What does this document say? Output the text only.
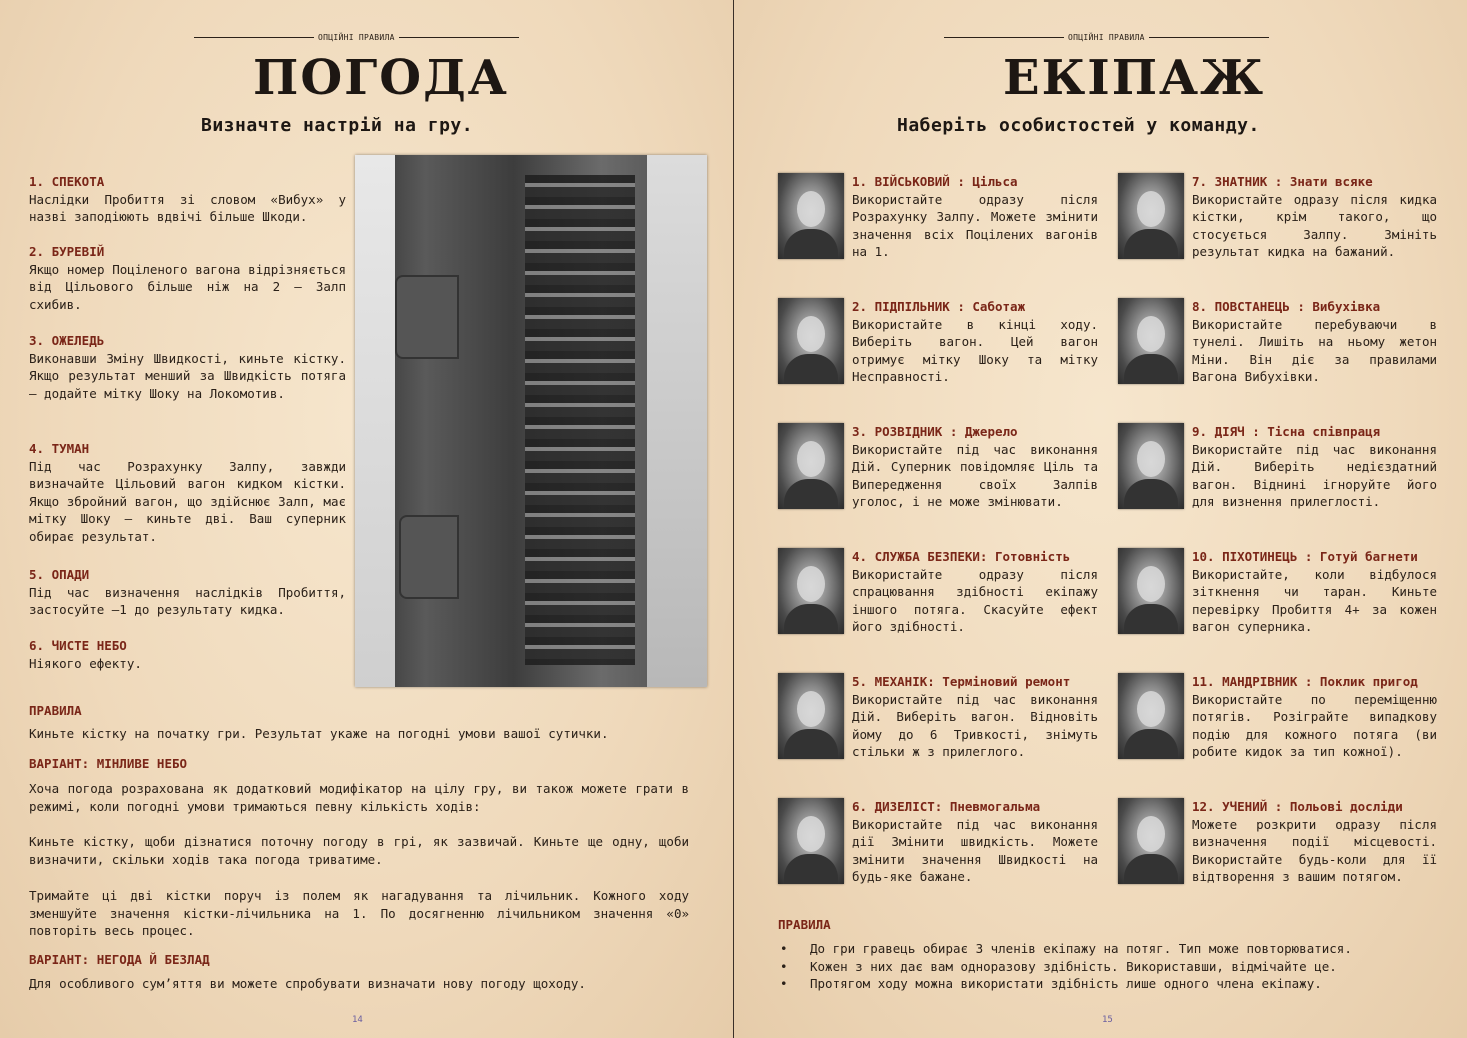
ОПЦІЙНІ ПРАВИЛА
ПОГОДА
Визначте настрій на гру.
1. СПЕКОТА
Наслідки Пробиття зі словом «Вибух» у назві заподіюють вдвічі більше Шкоди.
2. БУРЕВІЙ
Якщо номер Поціленого вагона відрізняється від Цільового більше ніж на 2 – Залп схибив.
3. ОЖЕЛЕДЬ
Виконавши Зміну Швидкості, киньте кістку. Якщо результат менший за Швидкість потяга – додайте мітку Шоку на Локомотив.
4. ТУМАН
Під час Розрахунку Залпу, завжди визначайте Цільовий вагон кидком кістки. Якщо збройний вагон, що здійснює Залп, має мітку Шоку – киньте дві. Ваш суперник обирає результат.
5. ОПАДИ
Під час визначення наслідків Пробиття, застосуйте –1 до результату кидка.
6. ЧИСТЕ НЕБО
Ніякого ефекту.
ПРАВИЛА
Киньте кістку на початку гри. Результат укаже на погодні умови вашої сутички.
ВАРІАНТ: МІНЛИВЕ НЕБО
Хоча погода розрахована як додатковий модифікатор на цілу гру, ви також можете грати в режимі, коли погодні умови тримаються певну кількість ходів:
Киньте кістку, щоби дізнатися поточну погоду в грі, як зазвичай. Киньте ще одну, щоби визначити, скільки ходів така погода триватиме.
Тримайте ці дві кістки поруч із полем як нагадування та лічильник. Кожного ходу зменшуйте значення кістки-лічильника на 1. По досягненню лічильником значення «0» повторіть весь процес.
ВАРІАНТ: НЕГОДА Й БЕЗЛАД
Для особливого сум’яття ви можете спробувати визначати нову погоду щоходу.
14
ОПЦІЙНІ ПРАВИЛА
ЕКІПАЖ
Наберіть особистостей у команду.
1. ВІЙСЬКОВИЙ : Цільса
Використайте одразу після Розрахунку Залпу. Можете змінити значення всіх Поцілених вагонів на 1.
2. ПІДПІЛЬНИК : Саботаж
Використайте в кінці ходу. Виберіть вагон. Цей вагон отримує мітку Шоку та мітку Несправності.
3. РОЗВІДНИК : Джерело
Використайте під час виконання Дій. Суперник повідомляє Ціль та Випередження своїх Залпів уголос, і не може змінювати.
4. СЛУЖБА БЕЗПЕКИ: Готовність
Використайте одразу після спрацювання здібності екіпажу іншого потяга. Скасуйте ефект його здібності.
5. МЕХАНІК: Терміновий ремонт
Використайте під час виконання Дій. Виберіть вагон. Відновіть йому до 6 Тривкості, знімуть стільки ж з прилеглого.
6. ДИЗЕЛІСТ: Пневмогальма
Використайте під час виконання дії Змінити швидкість. Можете змінити значення Швидкості на будь-яке бажане.
7. ЗНАТНИК : Знати всяке
Використайте одразу після кидка кістки, крім такого, що стосується Залпу. Змініть результат кидка на бажаний.
8. ПОВСТАНЕЦЬ : Вибухівка
Використайте перебуваючи в тунелі. Лишіть на ньому жетон Міни. Він діє за правилами Вагона Вибухівки.
9. ДІЯЧ : Тісна співпраця
Використайте під час виконання Дій. Виберіть недієздатний вагон. Віднині ігноруйте його для визнення прилеглості.
10. ПІХОТИНЕЦЬ : Готуй багнети
Використайте, коли відбулося зіткнення чи таран. Киньте перевірку Пробиття 4+ за кожен вагон суперника.
11. МАНДРІВНИК : Поклик пригод
Використайте по переміщенню потягів. Розіграйте випадкову подію для кожного потяга (ви робите кидок за тип кожної).
12. УЧЕНИЙ : Польові досліди
Можете розкрити одразу після визначення події місцевості. Використайте будь-коли для її відтворення з вашим потягом.
ПРАВИЛА
• До гри гравець обирає 3 членів екіпажу на потяг. Тип може повторюватися.
• Кожен з них дає вам одноразову здібність. Використавши, відмічайте це.
• Протягом ходу можна використати здібність лише одного члена екіпажу.
15
